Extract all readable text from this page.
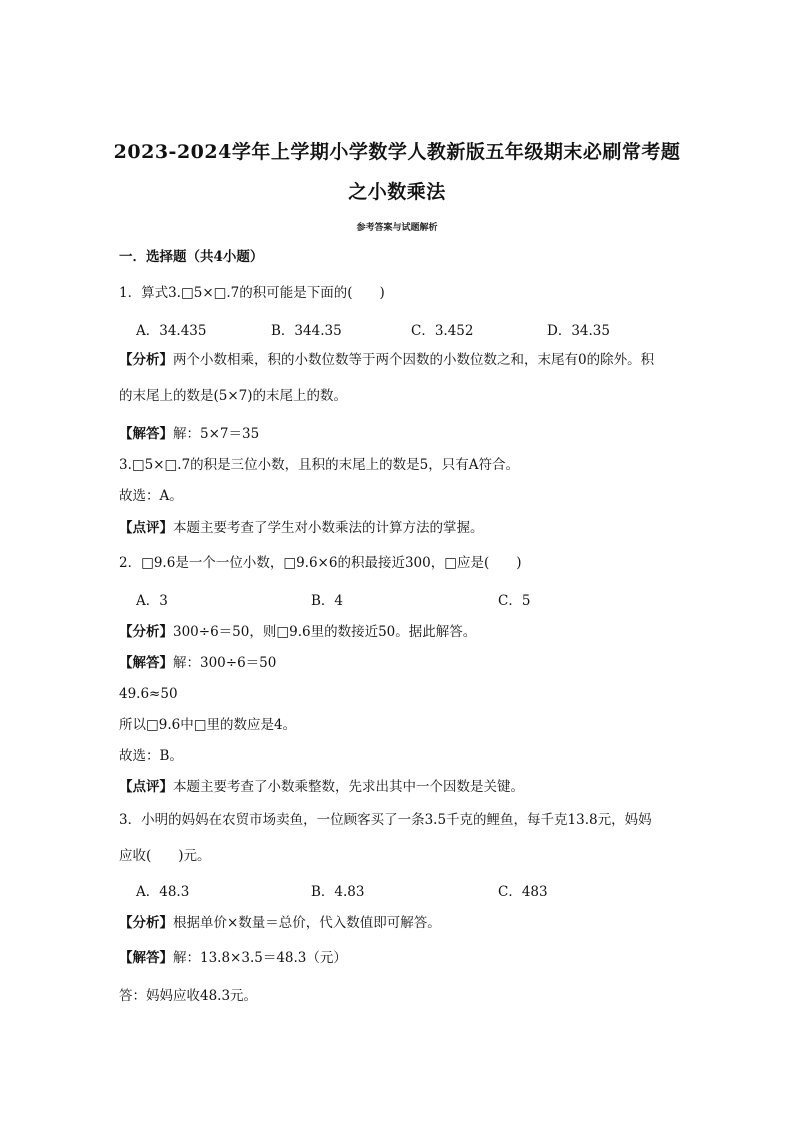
2023-2024学年上学期小学数学人教新版五年级期末必刷常考题
之小数乘法
参考答案与试题解析
一．选择题（共4小题）
1．算式3.□5×□.7的积可能是下面的(　　)
A．34.435	B．344.35	C．3.452	D．34.35
【分析】两个小数相乘，积的小数位数等于两个因数的小数位数之和，末尾有0的除外。积
的末尾上的数是(5×7)的末尾上的数。
【解答】解：5×7＝35
3.□5×□.7的积是三位小数，且积的末尾上的数是5，只有A符合。
故选：A。
【点评】本题主要考查了学生对小数乘法的计算方法的掌握。
2．□9.6是一个一位小数，□9.6×6的积最接近300，□应是(　　)
A．3	B．4	C．5
【分析】300÷6＝50，则□9.6里的数接近50。据此解答。
【解答】解：300÷6＝50
49.6≈50
所以□9.6中□里的数应是4。
故选：B。
【点评】本题主要考查了小数乘整数，先求出其中一个因数是关键。
3．小明的妈妈在农贸市场卖鱼，一位顾客买了一条3.5千克的鲤鱼，每千克13.8元，妈妈
应收(　　)元。
A．48.3	B．4.83	C．483
【分析】根据单价×数量＝总价，代入数值即可解答。
【解答】解：13.8×3.5＝48.3（元）
答：妈妈应收48.3元。
